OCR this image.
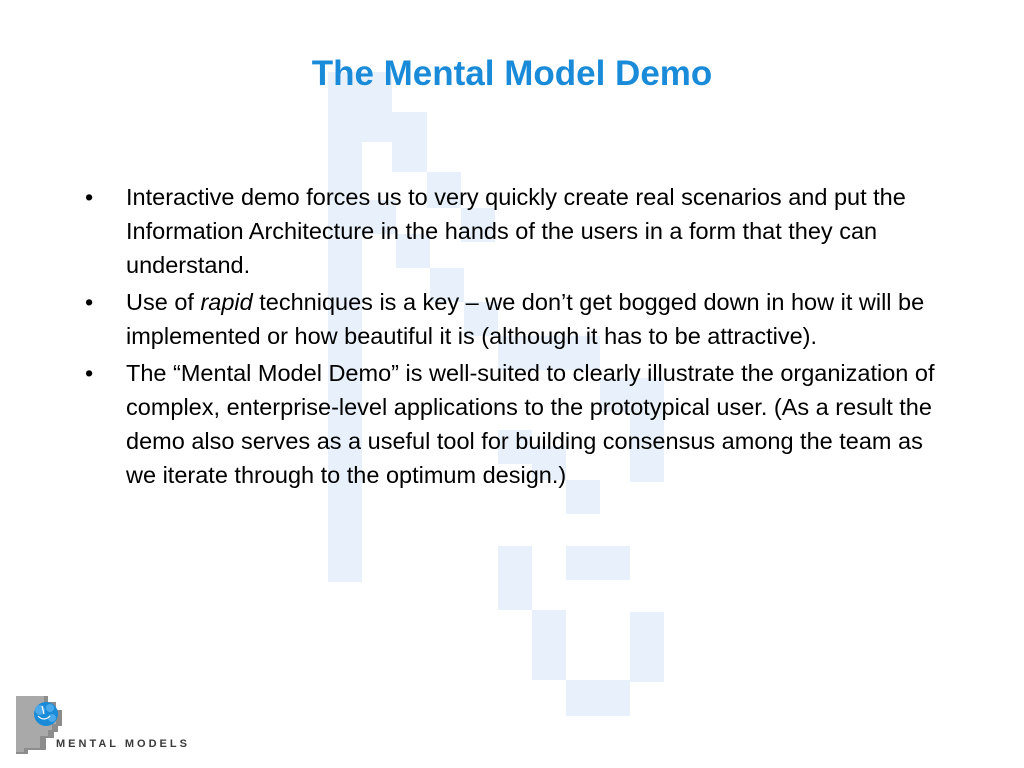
The Mental Model Demo
•	Interactive demo forces us to very quickly create real scenarios and put the Information Architecture in the hands of the users in a form that they can understand.
•	Use of rapid techniques is a key – we don’t get bogged down in how it will be implemented or how beautiful it is (although it has to be attractive).
•	The “Mental Model Demo” is well-suited to clearly illustrate the organization of complex, enterprise-level applications to the prototypical user. (As a result the demo also serves as a useful tool for building consensus among the team as we iterate through to the optimum design.)
MENTAL MODELS
